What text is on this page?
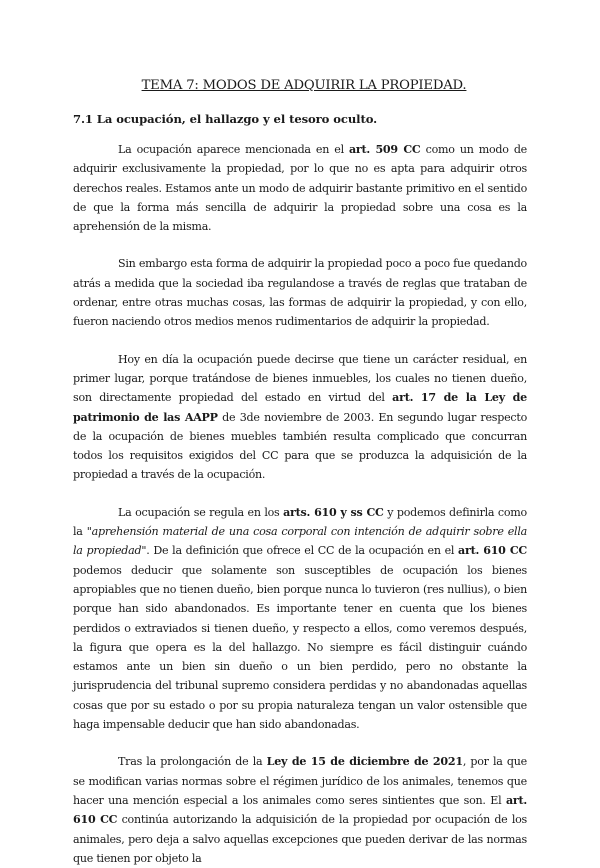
TEMA 7: MODOS DE ADQUIRIR LA PROPIEDAD.
7.1 La ocupación, el hallazgo y el tesoro oculto.

La ocupación aparece mencionada en el art. 509 CC como un modo de adquirir exclusivamente la propiedad, por lo que no es apta para adquirir otros derechos reales. Estamos ante un modo de adquirir bastante primitivo en el sentido de que la forma más sencilla de adquirir la propiedad sobre una cosa es la aprehensión de la misma.

Sin embargo esta forma de adquirir la propiedad poco a poco fue quedando atrás a medida que la sociedad iba regulandose a través de reglas que trataban de ordenar, entre otras muchas cosas, las formas de adquirir la propiedad, y con ello, fueron naciendo otros medios menos rudimentarios de adquirir la propiedad.

Hoy en día la ocupación puede decirse que tiene un carácter residual, en primer lugar, porque tratándose de bienes inmuebles, los cuales no tienen dueño, son directamente propiedad del estado en virtud del art. 17 de la Ley de patrimonio de las AAPP de 3de noviembre de 2003. En segundo lugar respecto de la ocupación de bienes muebles también resulta complicado que concurran todos los requisitos exigidos del CC para que se produzca la adquisición de la propiedad a través de la ocupación.

La ocupación se regula en los arts. 610 y ss CC y podemos definirla como la "aprehensión material de una cosa corporal con intención de adquirir sobre ella la propiedad". De la definición que ofrece el CC de la ocupación en el art. 610 CC podemos deducir que solamente son susceptibles de ocupación los bienes apropiables que no tienen dueño, bien porque nunca lo tuvieron (res nullius), o bien porque han sido abandonados. Es importante tener en cuenta que los bienes perdidos o extraviados si tienen dueño, y respecto a ellos, como veremos después, la figura que opera es la del hallazgo. No siempre es fácil distinguir cuándo estamos ante un bien sin dueño o un bien perdido, pero no obstante la jurisprudencia del tribunal supremo considera perdidas y no abandonadas aquellas cosas que por su estado o por su propia naturaleza tengan un valor ostensible que haga impensable deducir que han sido abandonadas.

Tras la prolongación de la Ley de 15 de diciembre de 2021, por la que se modifican varias normas sobre el régimen jurídico de los animales, tenemos que hacer una mención especial a los animales como seres sintientes que son. El art. 610 CC continúa autorizando la adquisición de la propiedad por ocupación de los animales, pero deja a salvo aquellas excepciones que pueden derivar de las normas que tienen por objeto la
